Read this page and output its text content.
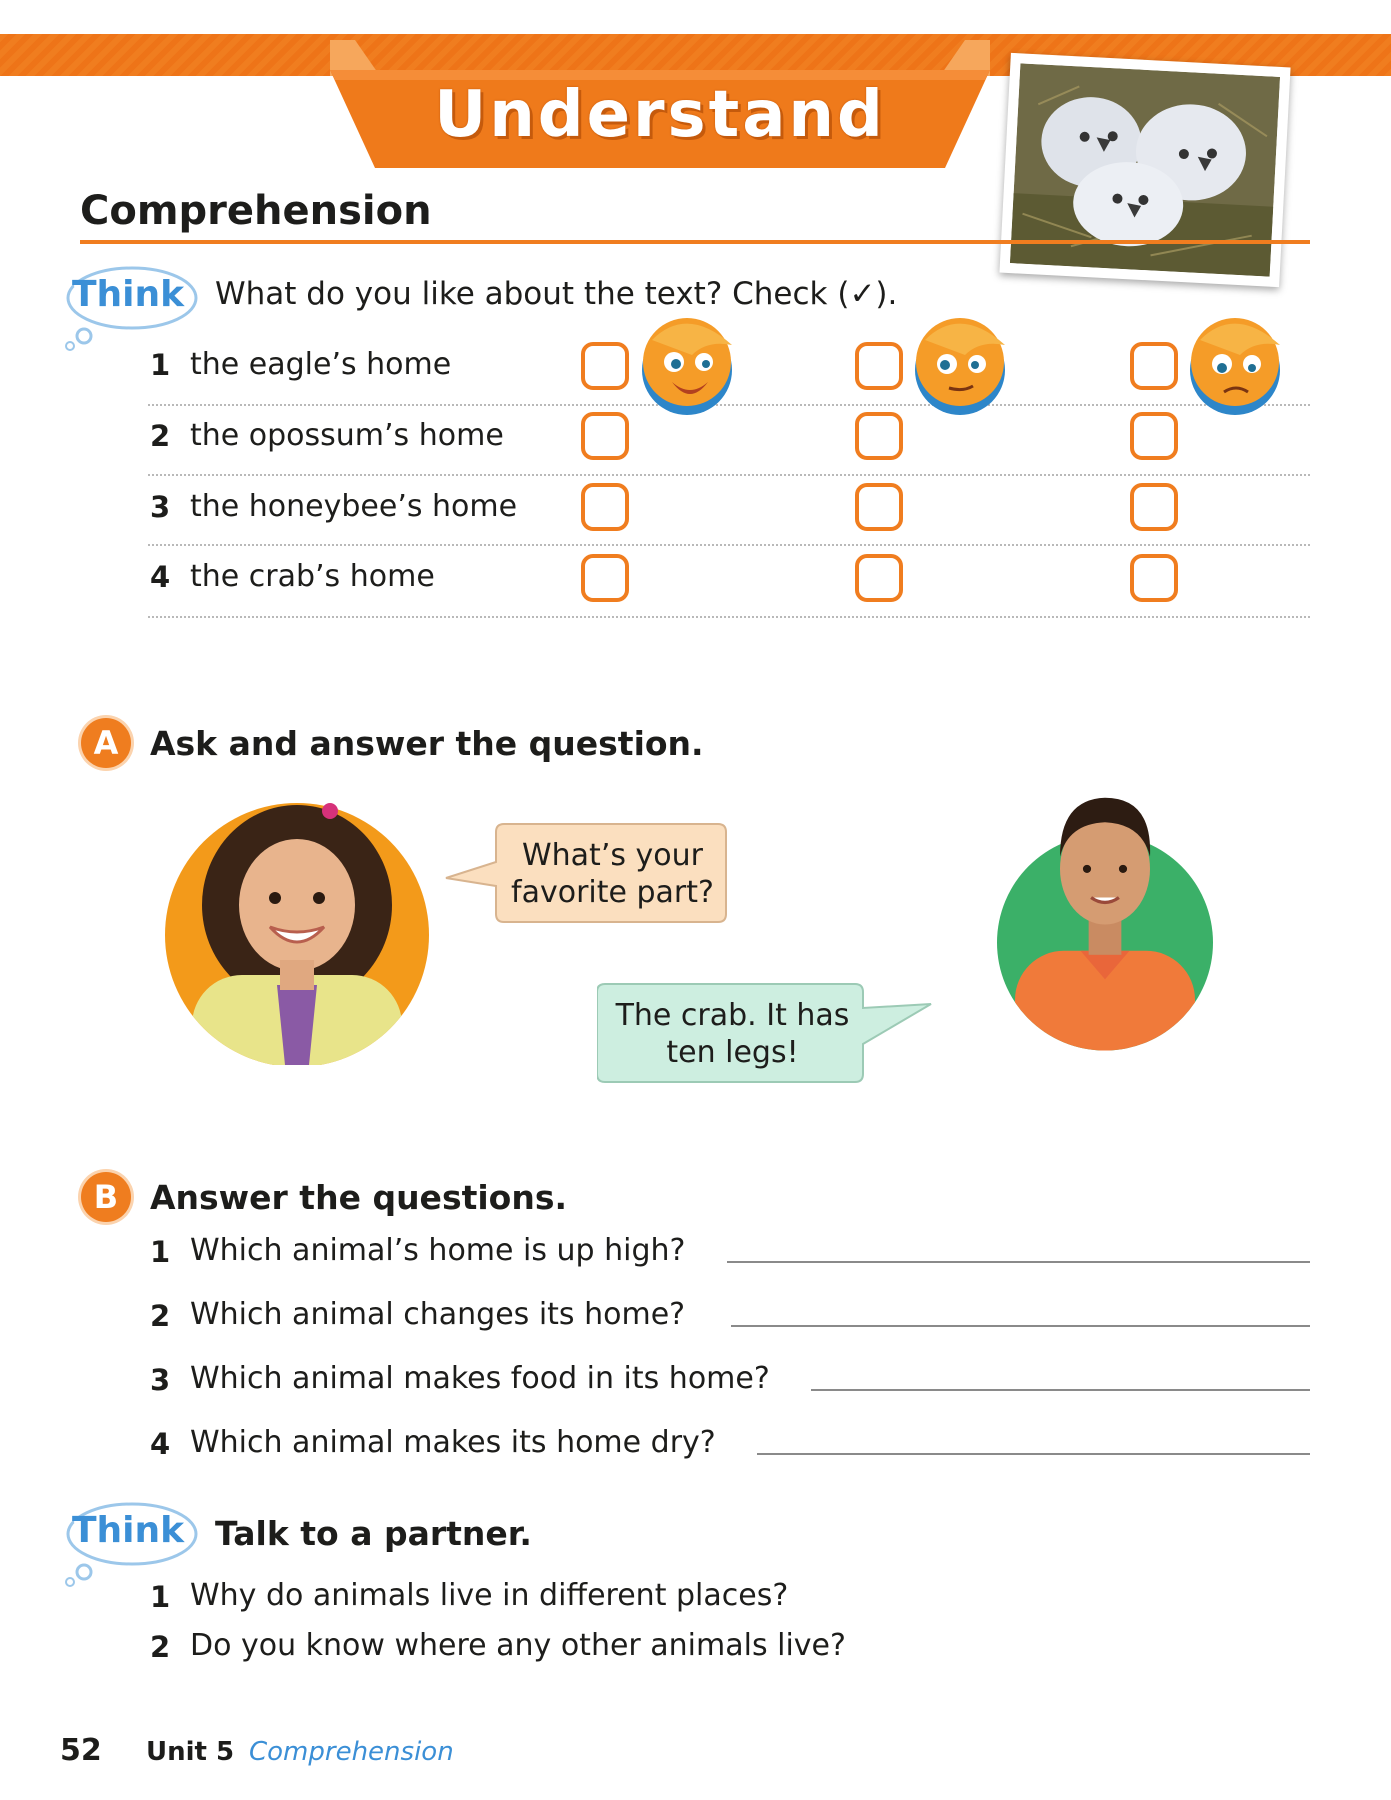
Understand
Comprehension
Think What do you like about the text? Check (✓).
1 the eagle’s home
2 the opossum’s home
3 the honeybee’s home
4 the crab’s home
A Ask and answer the question.
What’s your
favorite part?
The crab. It has
ten legs!
B Answer the questions.
1 Which animal’s home is up high?
2 Which animal changes its home?
3 Which animal makes food in its home?
4 Which animal makes its home dry?
Think Talk to a partner.
1 Why do animals live in different places?
2 Do you know where any other animals live?
52 Unit 5 Comprehension
